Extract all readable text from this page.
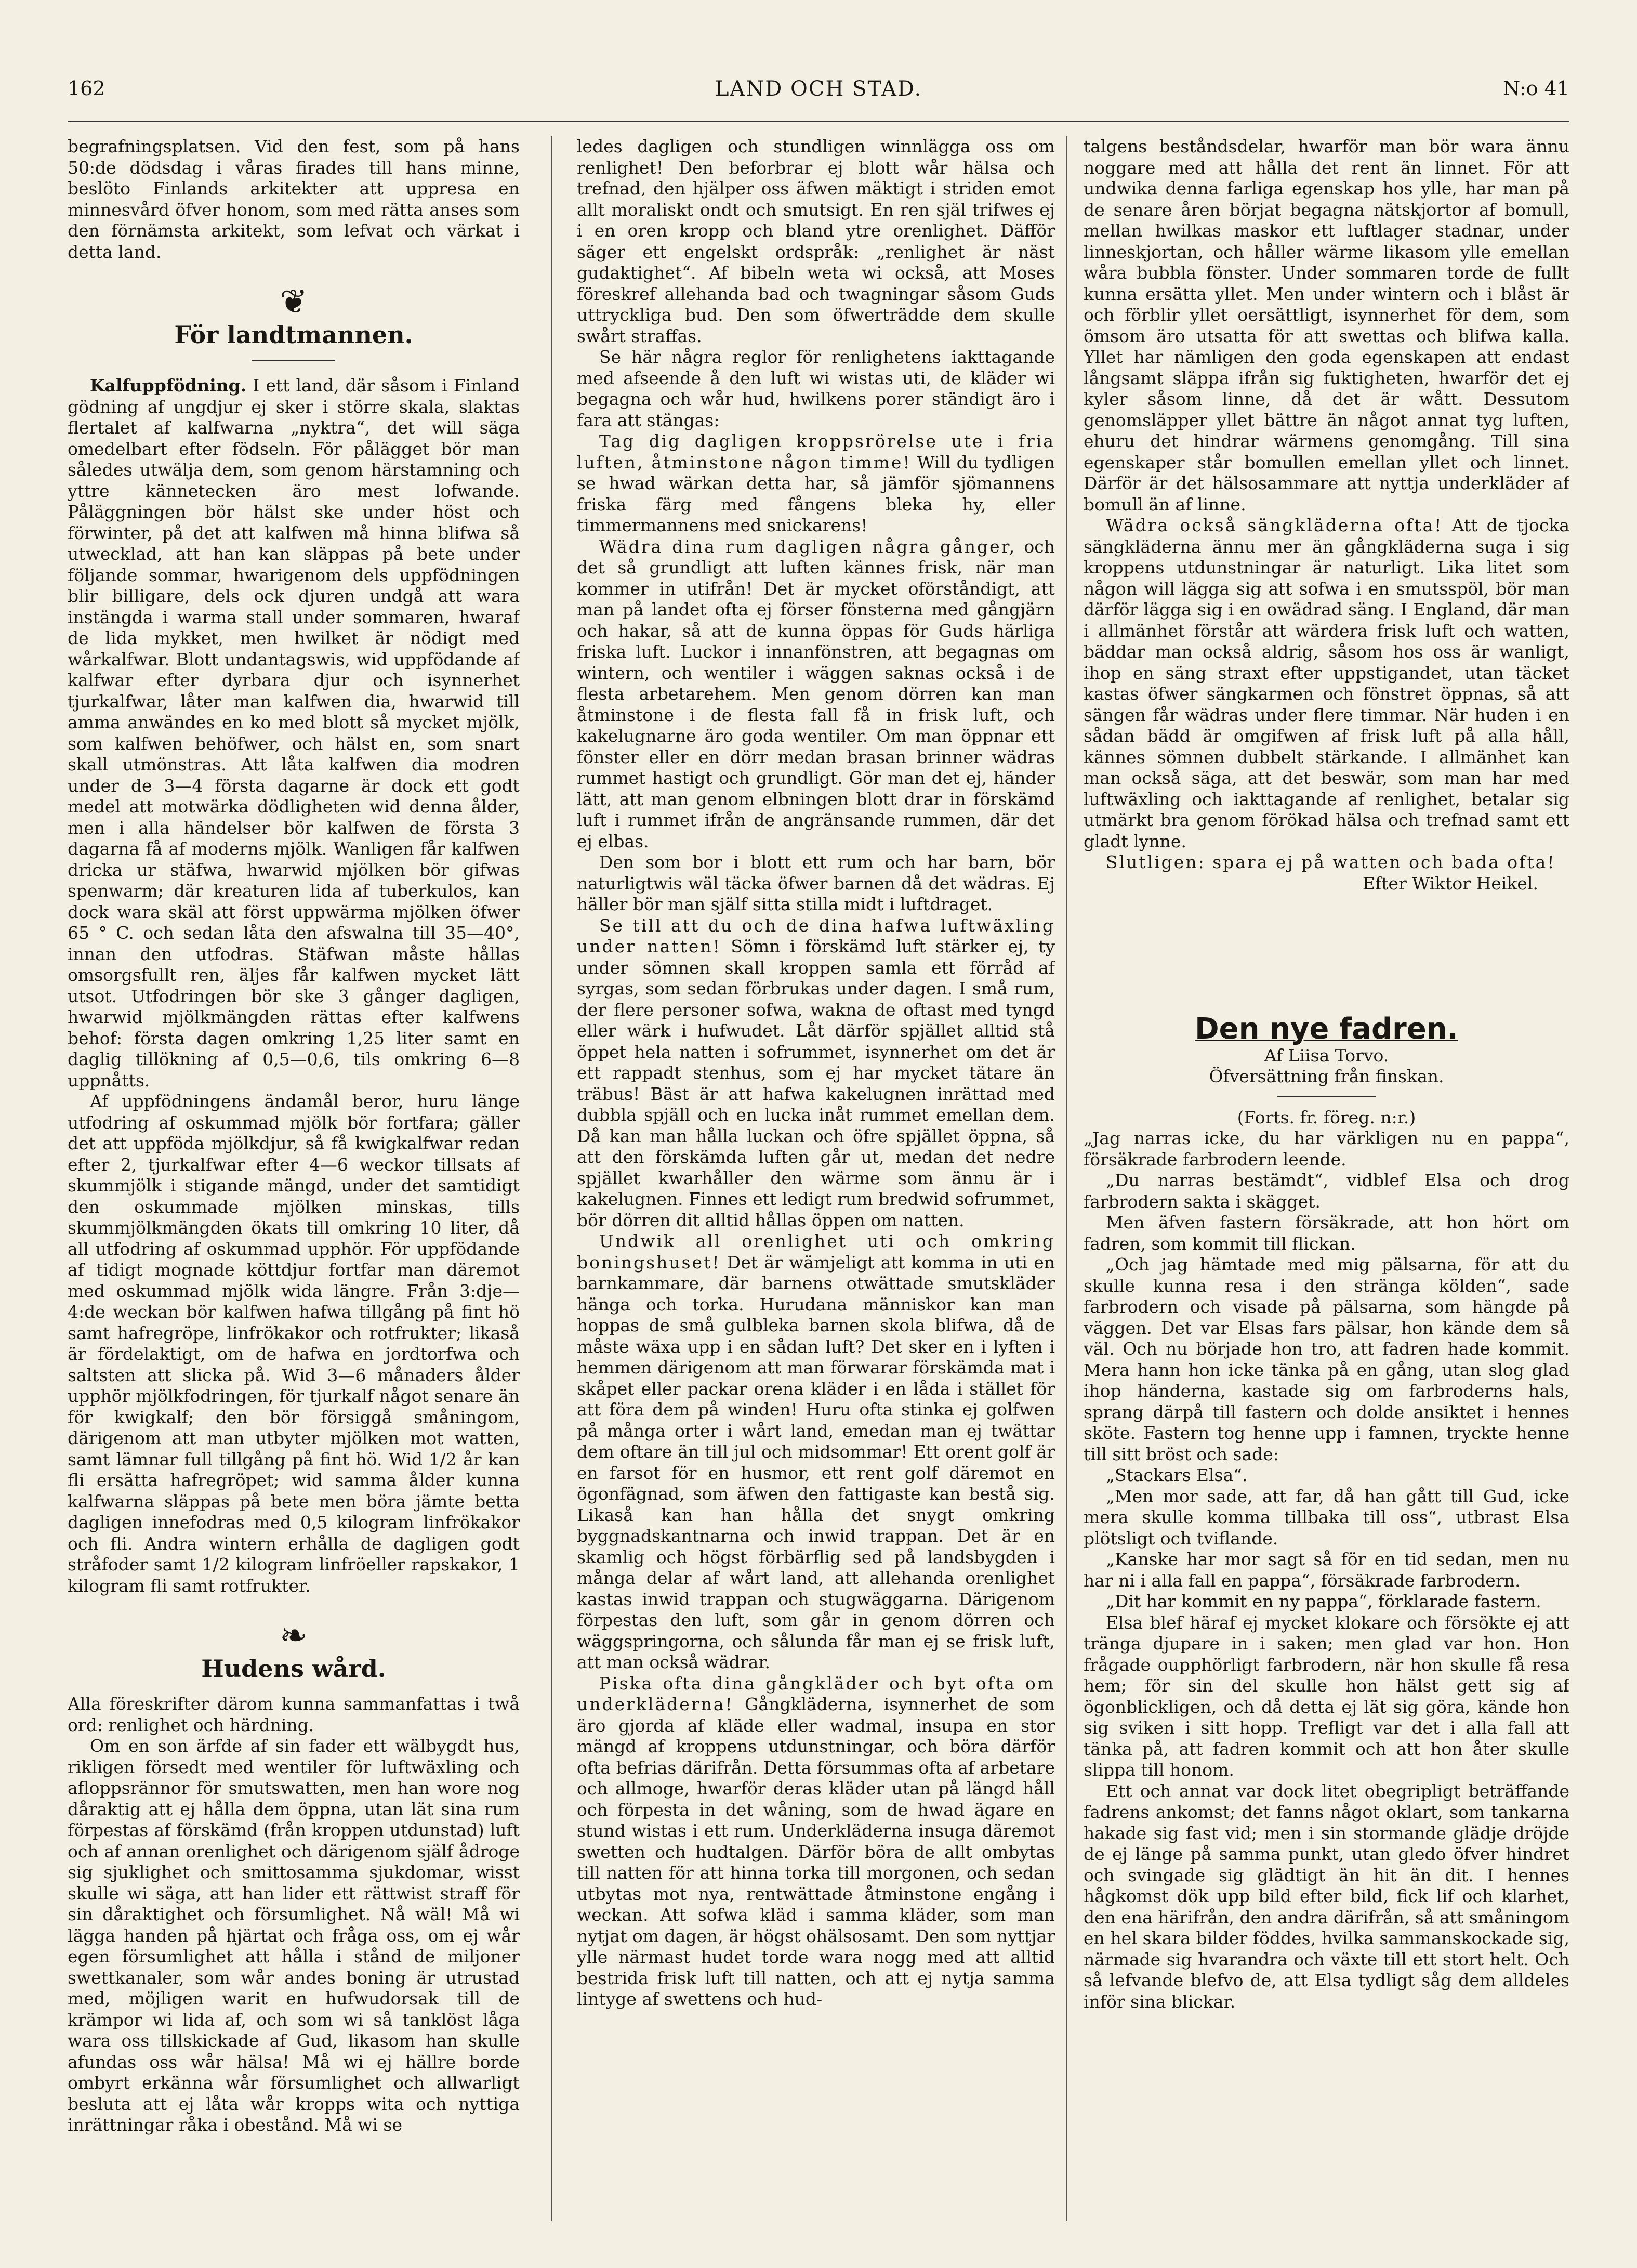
162	LAND OCH STAD.	N:o 41

begrafningsplatsen. Vid den fest, som på hans 50:de dödsdag i våras firades till hans minne, beslöto Finlands arkitekter att uppresa en minnesvård öfver honom, som med rätta anses som den förnämsta arkitekt, som lefvat och värkat i detta land.

❦
För landtmannen.

Kalfuppfödning. I ett land, där såsom i Finland gödning af ungdjur ej sker i större skala, slaktas flertalet af kalfwarna „nyktra“, det will säga omedelbart efter födseln. För pålägget bör man således utwälja dem, som genom härstamning och yttre kännetecken äro mest lofwande. Påläggningen bör hälst ske under höst och förwinter, på det att kalfwen må hinna blifwa så utwecklad, att han kan släppas på bete under följande sommar, hwarigenom dels uppfödningen blir billigare, dels ock djuren undgå att wara instängda i warma stall under sommaren, hwaraf de lida mykket, men hwilket är nödigt med wårkalfwar. Blott undantagswis, wid uppfödande af kalfwar efter dyrbara djur och isynnerhet tjurkalfwar, låter man kalfwen dia, hwarwid till amma anwändes en ko med blott så mycket mjölk, som kalfwen behöfwer, och hälst en, som snart skall utmönstras. Att låta kalfwen dia modren under de 3—4 första dagarne är dock ett godt medel att motwärka dödligheten wid denna ålder, men i alla händelser bör kalfwen de första 3 dagarna få af moderns mjölk. Wanligen får kalfwen dricka ur stäfwa, hwarwid mjölken bör gifwas spenwarm; där kreaturen lida af tuberkulos, kan dock wara skäl att först uppwärma mjölken öfwer 65 ° C. och sedan låta den afswalna till 35—40°, innan den utfodras. Stäfwan måste hållas omsorgsfullt ren, äljes får kalfwen mycket lätt utsot. Utfodringen bör ske 3 gånger dagligen, hwarwid mjölkmängden rättas efter kalfwens behof: första dagen omkring 1,25 liter samt en daglig tillökning af 0,5—0,6, tils omkring 6—8 uppnåtts.

Af uppfödningens ändamål beror, huru länge utfodring af oskummad mjölk bör fortfara; gäller det att uppföda mjölkdjur, så få kwigkalfwar redan efter 2, tjurkalfwar efter 4—6 weckor tillsats af skummjölk i stigande mängd, under det samtidigt den oskummade mjölken minskas, tills skummjölkmängden ökats till omkring 10 liter, då all utfodring af oskummad upphör. För uppfödande af tidigt mognade köttdjur fortfar man däremot med oskummad mjölk wida längre. Från 3:dje—4:de weckan bör kalfwen hafwa tillgång på fint hö samt hafregröpe, linfrökakor och rotfrukter; likaså är fördelaktigt, om de hafwa en jordtorfwa och saltsten att slicka på. Wid 3—6 månaders ålder upphör mjölkfodringen, för tjurkalf något senare än för kwigkalf; den bör försiggå småningom, därigenom att man utbyter mjölken mot watten, samt lämnar full tillgång på fint hö. Wid 1/2 år kan fli ersätta hafregröpet; wid samma ålder kunna kalfwarna släppas på bete men böra jämte betta dagligen innefodras med 0,5 kilogram linfrökakor och fli. Andra wintern erhålla de dagligen godt stråfoder samt 1/2 kilogram linfröeller rapskakor, 1 kilogram fli samt rotfrukter.

❧
Hudens wård.

Alla föreskrifter därom kunna sammanfattas i twå ord: renlighet och härdning.

Om en son ärfde af sin fader ett wälbygdt hus, rikligen försedt med wentiler för luftwäxling och afloppsrännor för smutswatten, men han wore nog dåraktig att ej hålla dem öppna, utan lät sina rum förpestas af förskämd (från kroppen utdunstad) luft och af annan orenlighet och därigenom själf ådroge sig sjuklighet och smittosamma sjukdomar, wisst skulle wi säga, att han lider ett rättwist straff för sin dåraktighet och försumlighet. Nå wäl! Må wi lägga handen på hjärtat och fråga oss, om ej wår egen försumlighet att hålla i stånd de miljoner swettkanaler, som wår andes boning är utrustad med, möjligen warit en hufwudorsak till de krämpor wi lida af, och som wi så tanklöst låga wara oss tillskickade af Gud, likasom han skulle afundas oss wår hälsa! Må wi ej hällre borde ombyrt erkänna wår försumlighet och allwarligt besluta att ej låta wår kropps wita och nyttiga inrättningar råka i obestånd. Må wi se

ledes dagligen och stundligen winnlägga oss om renlighet! Den beforbrar ej blott wår hälsa och trefnad, den hjälper oss äfwen mäktigt i striden emot allt moraliskt ondt och smutsigt. En ren själ trifwes ej i en oren kropp och bland ytre orenlighet. Däfför säger ett engelskt ordspråk: „renlighet är näst gudaktighet“. Af bibeln weta wi också, att Moses föreskref allehanda bad och twagningar såsom Guds uttryckliga bud. Den som öfwerträdde dem skulle swårt straffas.

Se här några reglor för renlighetens iakttagande med afseende å den luft wi wistas uti, de kläder wi begagna och wår hud, hwilkens porer ständigt äro i fara att stängas:

Tag dig dagligen kroppsrörelse ute i fria luften, åtminstone någon timme! Will du tydligen se hwad wärkan detta har, så jämför sjömannens friska färg med fångens bleka hy, eller timmermannens med snickarens!

Wädra dina rum dagligen några gånger, och det så grundligt att luften kännes frisk, när man kommer in utifrån! Det är mycket oförståndigt, att man på landet ofta ej förser fönsterna med gångjärn och hakar, så att de kunna öppas för Guds härliga friska luft. Luckor i innanfönstren, att begagnas om wintern, och wentiler i wäggen saknas också i de flesta arbetarehem. Men genom dörren kan man åtminstone i de flesta fall få in frisk luft, och kakelugnarne äro goda wentiler. Om man öppnar ett fönster eller en dörr medan brasan brinner wädras rummet hastigt och grundligt. Gör man det ej, händer lätt, att man genom elbningen blott drar in förskämd luft i rummet ifrån de angränsande rummen, där det ej elbas.

Den som bor i blott ett rum och har barn, bör naturligtwis wäl täcka öfwer barnen då det wädras. Ej häller bör man själf sitta stilla midt i luftdraget.

Se till att du och de dina hafwa luftwäxling under natten! Sömn i förskämd luft stärker ej, ty under sömnen skall kroppen samla ett förråd af syrgas, som sedan förbrukas under dagen. I små rum, der flere personer sofwa, wakna de oftast med tyngd eller wärk i hufwudet. Låt därför spjället alltid stå öppet hela natten i sofrummet, isynnerhet om det är ett rappadt stenhus, som ej har mycket tätare än träbus! Bäst är att hafwa kakelugnen inrättad med dubbla spjäll och en lucka inåt rummet emellan dem. Då kan man hålla luckan och öfre spjället öppna, så att den förskämda luften går ut, medan det nedre spjället kwarhåller den wärme som ännu är i kakelugnen. Finnes ett ledigt rum bredwid sofrummet, bör dörren dit alltid hållas öppen om natten.

Undwik all orenlighet uti och omkring boningshuset! Det är wämjeligt att komma in uti en barnkammare, där barnens otwättade smutskläder hänga och torka. Hurudana människor kan man hoppas de små gulbleka barnen skola blifwa, då de måste wäxa upp i en sådan luft? Det sker en i lyften i hemmen därigenom att man förwarar förskämda mat i skåpet eller packar orena kläder i en låda i stället för att föra dem på winden! Huru ofta stinka ej golfwen på många orter i wårt land, emedan man ej twättar dem oftare än till jul och midsommar! Ett orent golf är en farsot för en husmor, ett rent golf däremot en ögonfägnad, som äfwen den fattigaste kan bestå sig. Likaså kan han hålla det snygt omkring byggnadskantnarna och inwid trappan. Det är en skamlig och högst förbärflig sed på landsbygden i många delar af wårt land, att allehanda orenlighet kastas inwid trappan och stugwäggarna. Därigenom förpestas den luft, som går in genom dörren och wäggspringorna, och sålunda får man ej se frisk luft, att man också wädrar.

Piska ofta dina gångkläder och byt ofta om underkläderna! Gångkläderna, isynnerhet de som äro gjorda af kläde eller wadmal, insupa en stor mängd af kroppens utdunstningar, och böra därför ofta befrias därifrån. Detta försummas ofta af arbetare och allmoge, hwarför deras kläder utan på längd håll och förpesta in det wåning, som de hwad ägare en stund wistas i ett rum. Underkläderna insuga däremot swetten och hudtalgen. Därför böra de allt ombytas till natten för att hinna torka till morgonen, och sedan utbytas mot nya, rentwättade åtminstone engång i weckan. Att sofwa kläd i samma kläder, som man nytjat om dagen, är högst ohälsosamt. Den som nyttjar ylle närmast hudet torde wara nogg med att alltid bestrida frisk luft till natten, och att ej nytja samma lintyge af swettens och hud-

talgens beståndsdelar, hwarför man bör wara ännu noggare med att hålla det rent än linnet. För att undwika denna farliga egenskap hos ylle, har man på de senare åren börjat begagna nätskjortor af bomull, mellan hwilkas maskor ett luftlager stadnar, under linneskjortan, och håller wärme likasom ylle emellan wåra bubbla fönster. Under sommaren torde de fullt kunna ersätta yllet. Men under wintern och i blåst är och förblir yllet oersättligt, isynnerhet för dem, som ömsom äro utsatta för att swettas och blifwa kalla. Yllet har nämligen den goda egenskapen att endast långsamt släppa ifrån sig fuktigheten, hwarför det ej kyler såsom linne, då det är wått. Dessutom genomsläpper yllet bättre än något annat tyg luften, ehuru det hindrar wärmens genomgång. Till sina egenskaper står bomullen emellan yllet och linnet. Därför är det hälsosammare att nyttja underkläder af bomull än af linne.

Wädra också sängkläderna ofta! Att de tjocka sängkläderna ännu mer än gångkläderna suga i sig kroppens utdunstningar är naturligt. Lika litet som någon will lägga sig att sofwa i en smutsspöl, bör man därför lägga sig i en owädrad säng. I England, där man i allmänhet förstår att wärdera frisk luft och watten, bäddar man också aldrig, såsom hos oss är wanligt, ihop en säng straxt efter uppstigandet, utan täcket kastas öfwer sängkarmen och fönstret öppnas, så att sängen får wädras under flere timmar. När huden i en sådan bädd är omgifwen af frisk luft på alla håll, kännes sömnen dubbelt stärkande. I allmänhet kan man också säga, att det beswär, som man har med luftwäxling och iakttagande af renlighet, betalar sig utmärkt bra genom förökad hälsa och trefnad samt ett gladt lynne.

Slutligen: spara ej på watten och bada ofta!

Efter Wiktor Heikel.

Den nye fadren.

Af Liisa Torvo.

Öfversättning från finskan.

(Forts. fr. föreg. n:r.)

„Jag narras icke, du har värkligen nu en pappa“, försäkrade farbrodern leende.

„Du narras bestämdt“, vidblef Elsa och drog farbrodern sakta i skägget.

Men äfven fastern försäkrade, att hon hört om fadren, som kommit till flickan.

„Och jag hämtade med mig pälsarna, för att du skulle kunna resa i den stränga kölden“, sade farbrodern och visade på pälsarna, som hängde på väggen. Det var Elsas fars pälsar, hon kände dem så väl. Och nu började hon tro, att fadren hade kommit. Mera hann hon icke tänka på en gång, utan slog glad ihop händerna, kastade sig om farbroderns hals, sprang därpå till fastern och dolde ansiktet i hennes sköte. Fastern tog henne upp i famnen, tryckte henne till sitt bröst och sade:

„Stackars Elsa“.

„Men mor sade, att far, då han gått till Gud, icke mera skulle komma tillbaka till oss“, utbrast Elsa plötsligt och tviflande.

„Kanske har mor sagt så för en tid sedan, men nu har ni i alla fall en pappa“, försäkrade farbrodern.

„Dit har kommit en ny pappa“, förklarade fastern.

Elsa blef häraf ej mycket klokare och försökte ej att tränga djupare in i saken; men glad var hon. Hon frågade oupphörligt farbrodern, när hon skulle få resa hem; för sin del skulle hon hälst gett sig af ögonblickligen, och då detta ej lät sig göra, kände hon sig sviken i sitt hopp. Trefligt var det i alla fall att tänka på, att fadren kommit och att hon åter skulle slippa till honom.

Ett och annat var dock litet obegripligt beträffande fadrens ankomst; det fanns något oklart, som tankarna hakade sig fast vid; men i sin stormande glädje dröjde de ej länge på samma punkt, utan gledo öfver hindret och svingade sig glädtigt än hit än dit. I hennes hågkomst dök upp bild efter bild, fick lif och klarhet, den ena härifrån, den andra därifrån, så att småningom en hel skara bilder föddes, hvilka sammanskockade sig, närmade sig hvarandra och växte till ett stort helt. Och så lefvande blefvo de, att Elsa tydligt såg dem alldeles inför sina blickar.
